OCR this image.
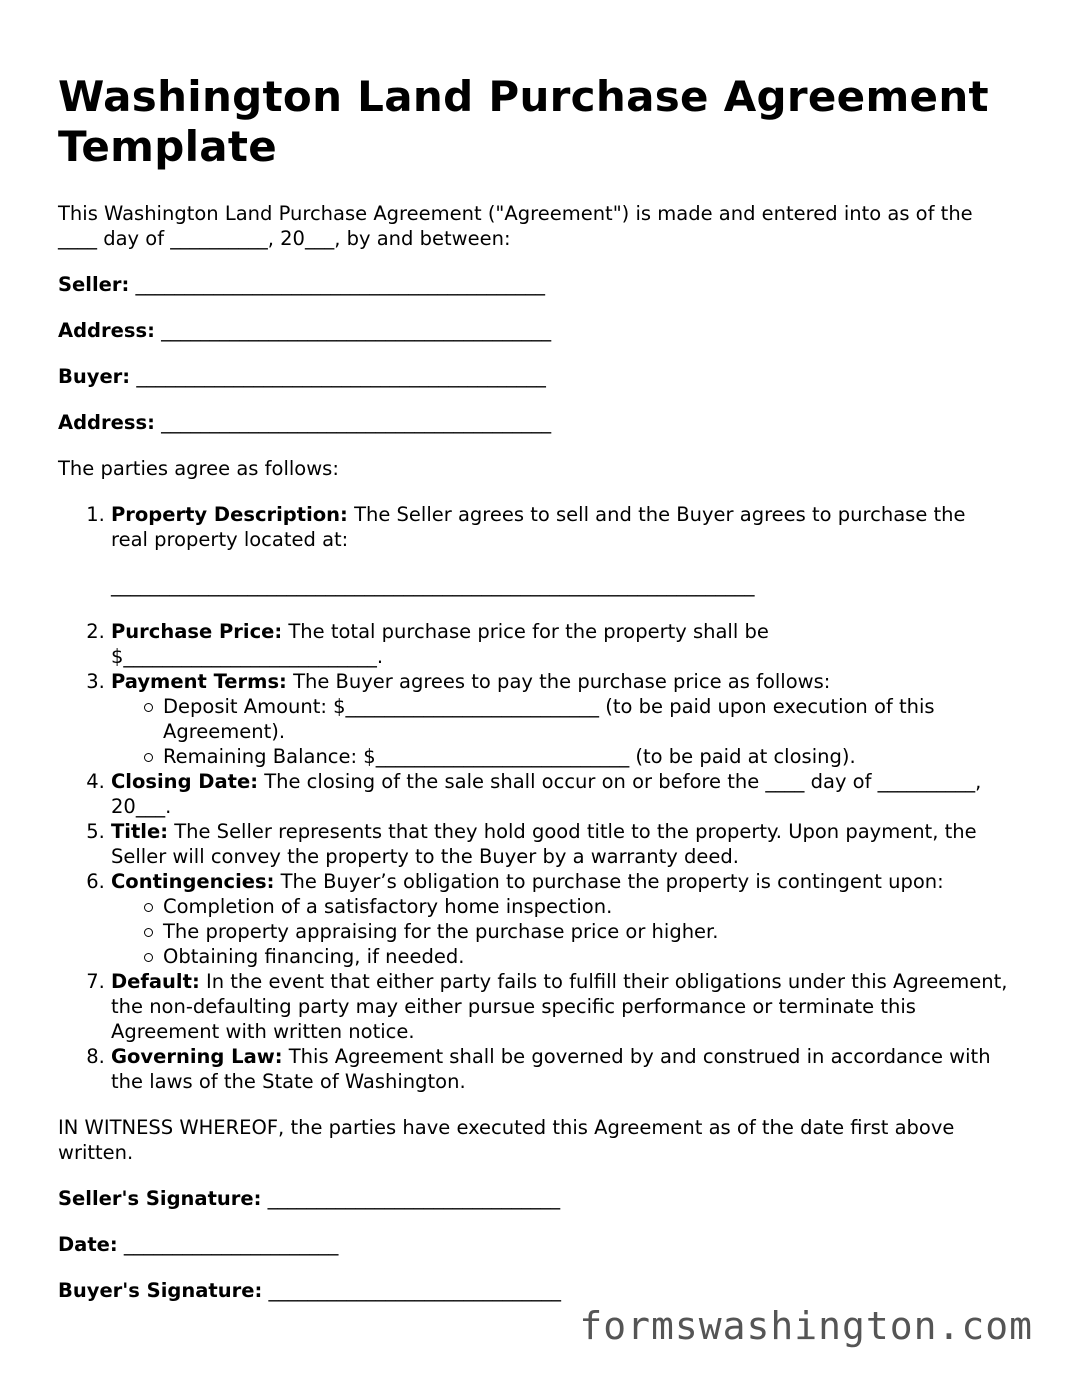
Washington Land Purchase Agreement Template

This Washington Land Purchase Agreement ("Agreement") is made and entered into as of the ____ day of __________, 20___, by and between:

Seller: __________________________________________

Address: ________________________________________

Buyer: __________________________________________

Address: ________________________________________

The parties agree as follows:

1. Property Description: The Seller agrees to sell and the Buyer agrees to purchase the real property located at:
__________________________________________________________________
2. Purchase Price: The total purchase price for the property shall be $__________________________.
3. Payment Terms: The Buyer agrees to pay the purchase price as follows:
Deposit Amount: $__________________________ (to be paid upon execution of this Agreement).
Remaining Balance: $__________________________ (to be paid at closing).
4. Closing Date: The closing of the sale shall occur on or before the ____ day of __________, 20___.
5. Title: The Seller represents that they hold good title to the property. Upon payment, the Seller will convey the property to the Buyer by a warranty deed.
6. Contingencies: The Buyer’s obligation to purchase the property is contingent upon:
Completion of a satisfactory home inspection.
The property appraising for the purchase price or higher.
Obtaining financing, if needed.
7. Default: In the event that either party fails to fulfill their obligations under this Agreement, the non-defaulting party may either pursue specific performance or terminate this Agreement with written notice.
8. Governing Law: This Agreement shall be governed by and construed in accordance with the laws of the State of Washington.

IN WITNESS WHEREOF, the parties have executed this Agreement as of the date first above written.

Seller's Signature: ______________________________

Date: ______________________

Buyer's Signature: ______________________________

formswashington.com
